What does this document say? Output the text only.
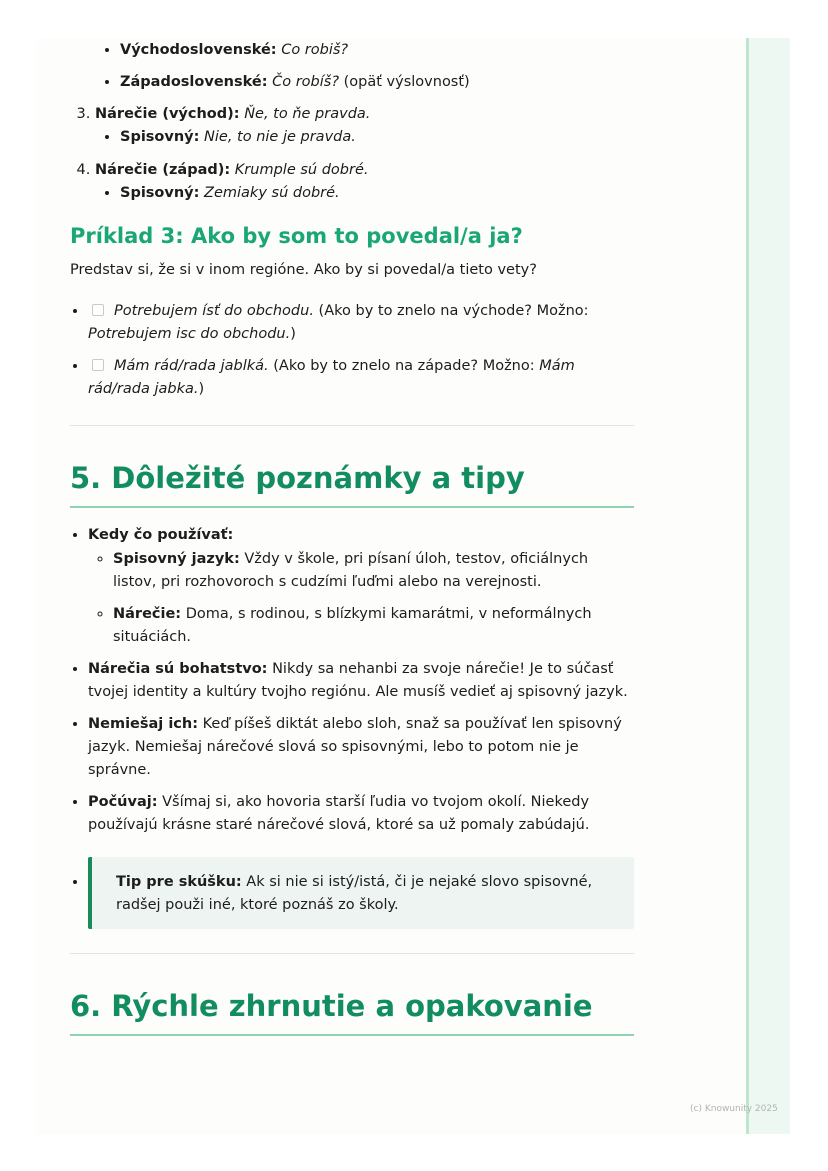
(c) Knowunity 2025
• Východoslovenské: Co robiš?
• Západoslovenské: Čo robíš? (opäť výslovnosť)
3. Nárečie (východ): Ňe, to ňe pravda.
• Spisovný: Nie, to nie je pravda.
4. Nárečie (západ): Krumple sú dobré.
• Spisovný: Zemiaky sú dobré.
Príklad 3: Ako by som to povedal/a ja?

Predstav si, že si v inom regióne. Ako by si povedal/a tieto vety?

• Potrebujem ísť do obchodu. (Ako by to znelo na východe? Možno: Potrebujem isc do obchodu.)
• Mám rád/rada jablká. (Ako by to znelo na západe? Možno: Mám rád/rada jabka.)
5. Dôležité poznámky a tipy
• Kedy čo používať:
◦ Spisovný jazyk: Vždy v škole, pri písaní úloh, testov, oficiálnych listov, pri rozhovoroch s cudzími ľuďmi alebo na verejnosti.
◦ Nárečie: Doma, s rodinou, s blízkymi kamarátmi, v neformálnych situáciách.
• Nárečia sú bohatstvo: Nikdy sa nehanbi za svoje nárečie! Je to súčasť tvojej identity a kultúry tvojho regiónu. Ale musíš vedieť aj spisovný jazyk.
• Nemiešaj ich: Keď píšeš diktát alebo sloh, snaž sa používať len spisovný jazyk. Nemiešaj nárečové slová so spisovnými, lebo to potom nie je správne.
• Počúvaj: Všímaj si, ako hovoria starší ľudia vo tvojom okolí. Niekedy používajú krásne staré nárečové slová, ktoré sa už pomaly zabúdajú.
• Tip pre skúšku: Ak si nie si istý/istá, či je nejaké slovo spisovné, radšej použi iné, ktoré poznáš zo školy.
6. Rýchle zhrnutie a opakovanie
